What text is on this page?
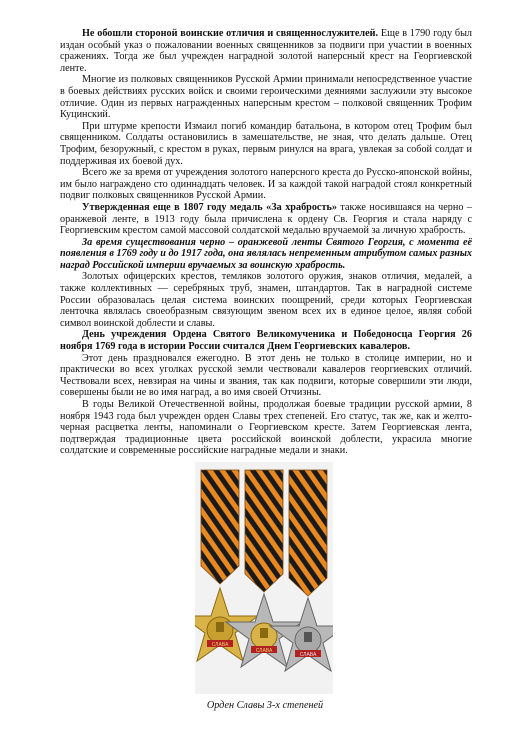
Не обошли стороной воинские отличия и священнослужителей. Еще в 1790 году был издан особый указ о пожаловании военных священников за подвиги при участии в военных сражениях. Тогда же был учрежден наградной золотой наперсный крест на Георгиевской ленте.

Многие из полковых священников Русской Армии принимали непосредственное участие в боевых действиях русских войск и своими героическими деяниями заслужили эту высокое отличие. Один из первых награжденных наперсным крестом – полковой священник Трофим Куцинский.

При штурме крепости Измаил погиб командир батальона, в котором отец Трофим был священником. Солдаты остановились в замешательстве, не зная, что делать дальше. Отец Трофим, безоружный, с крестом в руках, первым ринулся на врага, увлекая за собой солдат и поддерживая их боевой дух.

Всего же за время от учреждения золотого наперсного креста до Русско-японской войны, им было награждено сто одиннадцать человек. И за каждой такой наградой стоял конкретный подвиг полковых священников Русской Армии.

Утвержденная еще в 1807 году медаль «За храбрость» также носившаяся на черно – оранжевой ленте, в 1913 году была причислена к ордену Св. Георгия и стала наряду с Георгиевским крестом самой массовой солдатской медалью вручаемой за личную храбрость.

За время существования черно – оранжевой ленты Святого Георгия, с момента её появления в 1769 году и до 1917 года, она являлась непременным атрибутом самых разных наград Российской империи вручаемых за воинскую храбрость.

Золотых офицерских крестов, темляков золотого оружия, знаков отличия, медалей, а также коллективных — серебряных труб, знамен, штандартов. Так в наградной системе России образовалась целая система воинских поощрений, среди которых Георгиевская ленточка являлась своеобразным связующим звеном всех их в единое целое, являя собой символ воинской доблести и славы.

День учреждения Ордена Святого Великомученика и Победоносца Георгия 26 ноября 1769 года в истории России считался Днем Георгиевских кавалеров.

Этот день праздновался ежегодно. В этот день не только в столице империи, но и практически во всех уголках русской земли чествовали кавалеров георгиевских отличий. Чествовали всех, невзирая на чины и звания, так как подвиги, которые совершили эти люди, совершены были не во имя наград, а во имя своей Отчизны.

В годы Великой Отечественной войны, продолжая боевые традиции русской армии, 8 ноября 1943 года был учрежден орден Славы трех степеней. Его статус, так же, как и желто-черная расцветка ленты, напоминали о Георгиевском кресте. Затем Георгиевская лента, подтверждая традиционные цвета российской воинской доблести, украсила многие солдатские и современные российские наградные медали и знаки.

СЛАВА
СЛАВА
СЛАВА
Орден Славы 3-х степеней
